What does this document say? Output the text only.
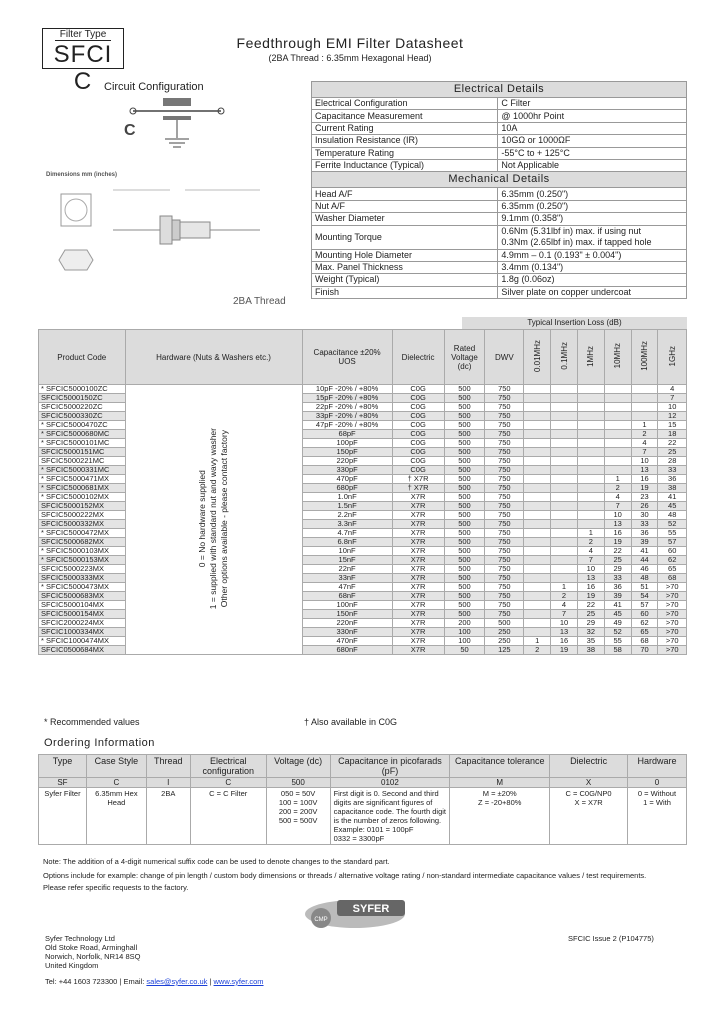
Filter Type
SFCI C
Feedthrough EMI Filter Datasheet
(2BA Thread : 6.35mm Hexagonal Head)
Circuit Configuration
C
Dimensions mm (inches)
2BA Thread
Electrical Details	
Electrical Configuration	C Filter
Capacitance Measurement	@ 1000hr Point
Current Rating	10A
Insulation Resistance (IR)	10GΩ or 1000ΩF
Temperature Rating	-55°C to + 125°C
Ferrite Inductance (Typical)	Not Applicable
Mechanical Details	
Head A/F	6.35mm (0.250")
Nut A/F	6.35mm (0.250")
Washer Diameter	9.1mm (0.358")
Mounting Torque	0.6Nm (5.31lbf in) max. if using nut
0.3Nm (2.65lbf in) max. if tapped hole
Mounting Hole Diameter	4.9mm – 0.1 (0.193" ± 0.004")
Max. Panel Thickness	3.4mm (0.134")
Weight (Typical)	1.8g (0.06oz)
Finish	Silver plate on copper undercoat
Typical Insertion Loss (dB)
Product Code	Hardware (Nuts & Washers etc.)	Capacitance ±20% UOS	Dielectric	Rated Voltage (dc)	DWV	0.01MHz	0.1MHz	1MHz	10MHz	100MHz	1GHz
* SFCIC5000100ZC	0 = No hardware supplied
1 = supplied with standard nut and wavy washer
Other options available - please contact factory	10pF -20% / +80%	C0G	500	750						4
SFCIC5000150ZC		15pF -20% / +80%	C0G	500	750						7
SFCIC5000220ZC		22pF -20% / +80%	C0G	500	750						10
SFCIC5000330ZC		33pF -20% / +80%	C0G	500	750						12
* SFCIC5000470ZC		47pF -20% / +80%	C0G	500	750					1	15
* SFCIC5000680MC		68pF	C0G	500	750					2	18
* SFCIC5000101MC		100pF	C0G	500	750					4	22
SFCIC5000151MC		150pF	C0G	500	750					7	25
SFCIC5000221MC		220pF	C0G	500	750					10	28
* SFCIC5000331MC		330pF	C0G	500	750					13	33
* SFCIC5000471MX		470pF	† X7R	500	750				1	16	36
* SFCIC5000681MX		680pF	† X7R	500	750				2	19	38
* SFCIC5000102MX		1.0nF	X7R	500	750				4	23	41
SFCIC5000152MX		1.5nF	X7R	500	750				7	26	45
SFCIC5000222MX		2.2nF	X7R	500	750				10	30	48
SFCIC5000332MX		3.3nF	X7R	500	750				13	33	52
* SFCIC5000472MX		4.7nF	X7R	500	750			1	16	36	55
SFCIC5000682MX		6.8nF	X7R	500	750			2	19	39	57
* SFCIC5000103MX		10nF	X7R	500	750			4	22	41	60
* SFCIC5000153MX		15nF	X7R	500	750			7	25	44	62
SFCIC5000223MX		22nF	X7R	500	750			10	29	46	65
SFCIC5000333MX		33nF	X7R	500	750			13	33	48	68
* SFCIC5000473MX		47nF	X7R	500	750		1	16	36	51	>70
SFCIC5000683MX		68nF	X7R	500	750		2	19	39	54	>70
SFCIC5000104MX		100nF	X7R	500	750		4	22	41	57	>70
SFCIC5000154MX		150nF	X7R	500	750		7	25	45	60	>70
SFCIC2000224MX		220nF	X7R	200	500		10	29	49	62	>70
SFCIC1000334MX		330nF	X7R	100	250		13	32	52	65	>70
* SFCIC1000474MX		470nF	X7R	100	250	1	16	35	55	68	>70
SFCIC0500684MX		680nF	X7R	50	125	2	19	38	58	70	>70
* Recommended values	† Also available in C0G
Ordering Information
Type	Case Style	Thread	Electrical configuration	Voltage (dc)	Capacitance in picofarads (pF)	Capacitance tolerance	Dielectric	Hardware
SF	C	I	C	500	0102	M	X	0
Syfer Filter	6.35mm Hex Head	2BA	C = C Filter	050 = 50V
100 = 100V
200 = 200V
500 = 500V	First digit is 0. Second and third digits are significant figures of capacitance code. The fourth digit is the number of zeros following.
Example: 0101 = 100pF
0332 = 3300pF	M = ±20%
Z = -20+80%	C = C0G/NP0
X = X7R	0 = Without
1 = With
Note: The addition of a 4-digit numerical suffix code can be used to denote changes to the standard part.
Options include for example: change of pin length / custom body dimensions or threads / alternative voltage rating / non-standard intermediate capacitance values / test requirements.
Please refer specific requests to the factory.
SYFER
CMP
Syfer Technology Ltd
Old Stoke Road, Arminghall
Norwich, Norfolk, NR14 8SQ
United Kingdom
SFCIC Issue 2 (P104775)
Tel: +44 1603 723300 | Email: sales@syfer.co.uk | www.syfer.com
